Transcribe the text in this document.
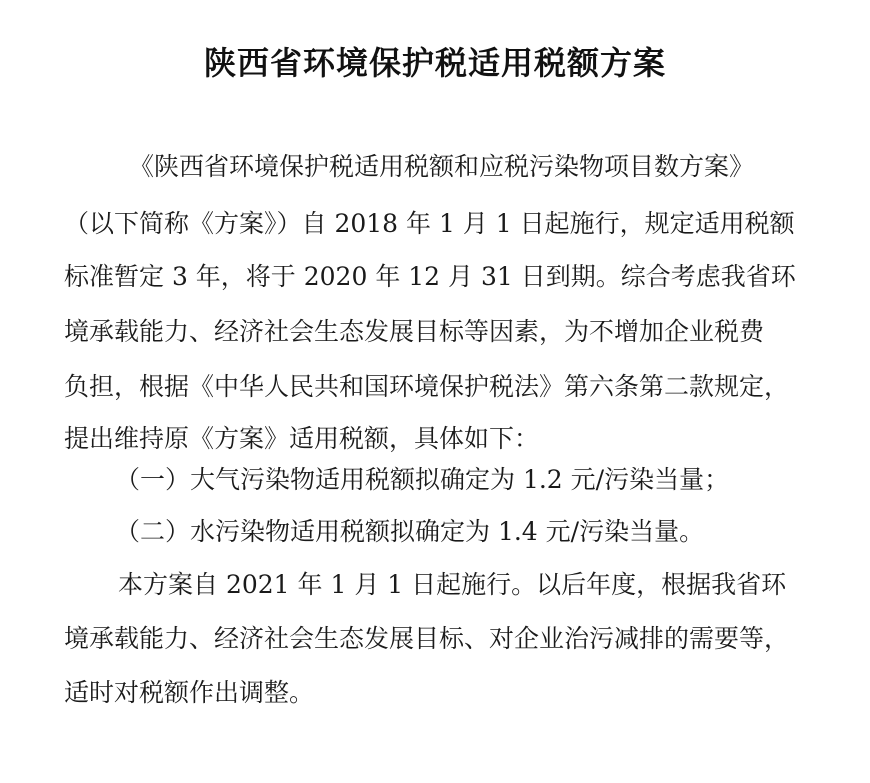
陕西省环境保护税适用税额方案
《陕西省环境保护税适用税额和应税污染物项目数方案》
（以下简称《方案》）自 2018 年 1 月 1 日起施行，规定适用税额
标准暂定 3 年，将于 2020 年 12 月 31 日到期。综合考虑我省环
境承载能力、经济社会生态发展目标等因素，为不增加企业税费
负担，根据《中华人民共和国环境保护税法》第六条第二款规定，
提出维持原《方案》适用税额，具体如下：
（一）大气污染物适用税额拟确定为 1.2 元/污染当量；
（二）水污染物适用税额拟确定为 1.4 元/污染当量。
本方案自 2021 年 1 月 1 日起施行。以后年度，根据我省环
境承载能力、经济社会生态发展目标、对企业治污减排的需要等，
适时对税额作出调整。
